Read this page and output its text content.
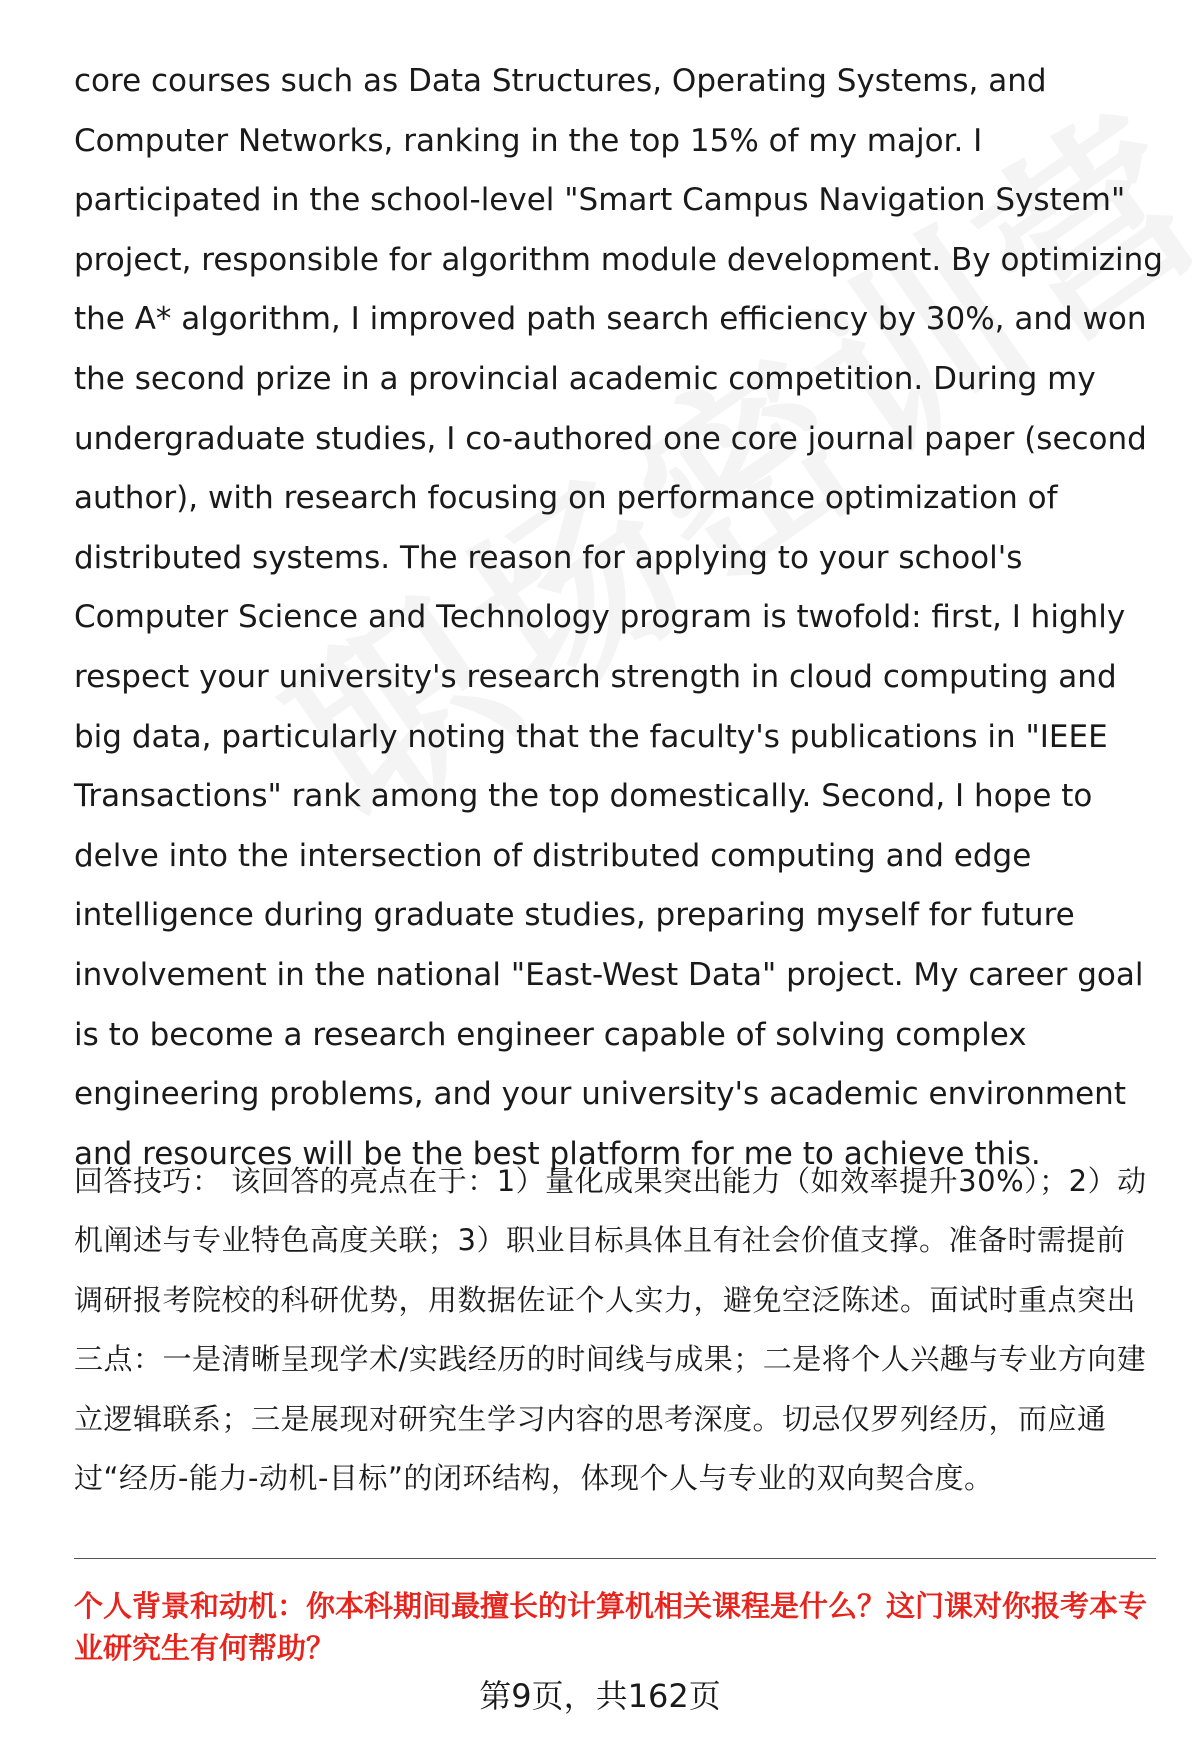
core courses such as Data Structures, Operating Systems, and Computer Networks, ranking in the top 15% of my major. I participated in the school-level "Smart Campus Navigation System" project, responsible for algorithm module development. By optimizing the A* algorithm, I improved path search efficiency by 30%, and won the second prize in a provincial academic competition. During my undergraduate studies, I co-authored one core journal paper (second author), with research focusing on performance optimization of distributed systems. The reason for applying to your school's Computer Science and Technology program is twofold: first, I highly respect your university's research strength in cloud computing and big data, particularly noting that the faculty's publications in "IEEE Transactions" rank among the top domestically. Second, I hope to delve into the intersection of distributed computing and edge intelligence during graduate studies, preparing myself for future involvement in the national "East-West Data" project. My career goal is to become a research engineer capable of solving complex engineering problems, and your university's academic environment and resources will be the best platform for me to achieve this.

回答技巧： 该回答的亮点在于：1）量化成果突出能力（如效率提升30%）；2）动机阐述与专业特色高度关联；3）职业目标具体且有社会价值支撑。准备时需提前调研报考院校的科研优势，用数据佐证个人实力，避免空泛陈述。面试时重点突出三点：一是清晰呈现学术/实践经历的时间线与成果；二是将个人兴趣与专业方向建立逻辑联系；三是展现对研究生学习内容的思考深度。切忌仅罗列经历，而应通过“经历-能力-动机-目标”的闭环结构，体现个人与专业的双向契合度。

个人背景和动机：你本科期间最擅长的计算机相关课程是什么？这门课对你报考本专业研究生有何帮助？

第9页，共162页
